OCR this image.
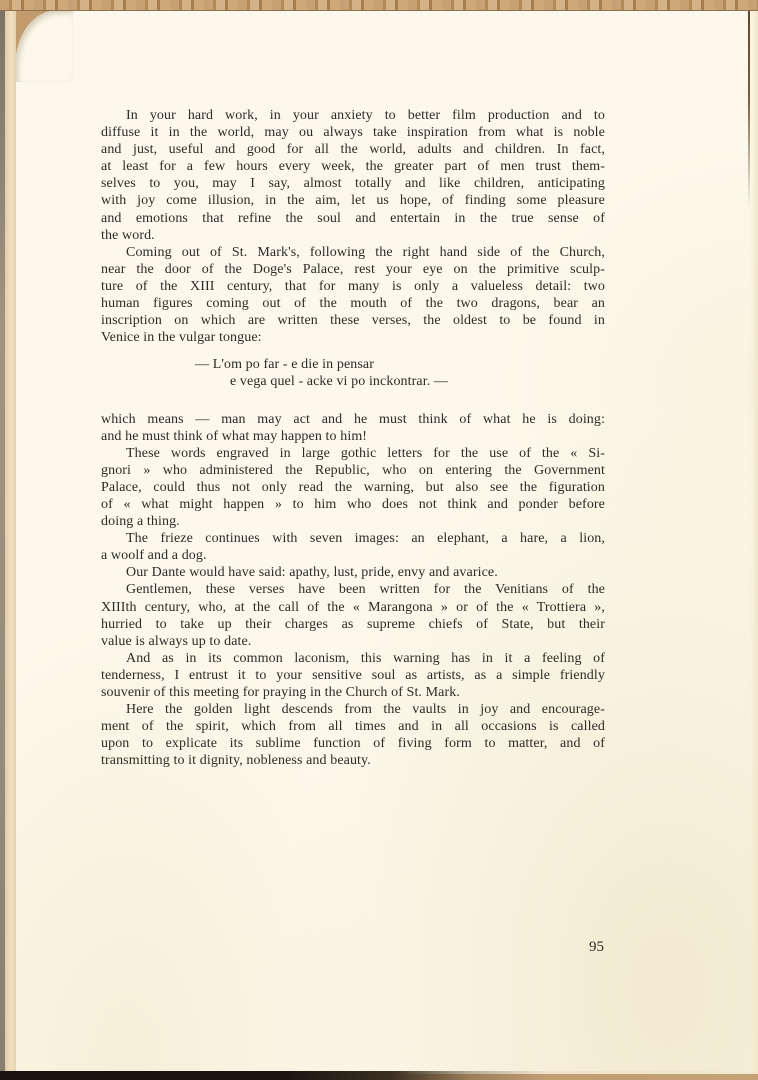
In your hard work, in your anxiety to better film production and to
diffuse it in the world, may ou always take inspiration from what is noble
and just, useful and good for all the world, adults and children. In fact,
at least for a few hours every week, the greater part of men trust them-
selves to you, may I say, almost totally and like children, anticipating
with joy come illusion, in the aim, let us hope, of finding some pleasure
and emotions that refine the soul and entertain in the true sense of
the word.
Coming out of St. Mark's, following the right hand side of the Church,
near the door of the Doge's Palace, rest your eye on the primitive sculp-
ture of the XIII century, that for many is only a valueless detail: two
human figures coming out of the mouth of the two dragons, bear an
inscription on which are written these verses, the oldest to be found in
Venice in the vulgar tongue:
— L'om po far - e die in pensar
e vega quel - acke vi po inckontrar. —
which means — man may act and he must think of what he is doing:
and he must think of what may happen to him!
These words engraved in large gothic letters for the use of the « Si-
gnori » who administered the Republic, who on entering the Government
Palace, could thus not only read the warning, but also see the figuration
of « what might happen » to him who does not think and ponder before
doing a thing.
The frieze continues with seven images: an elephant, a hare, a lion,
a woolf and a dog.
Our Dante would have said: apathy, lust, pride, envy and avarice.
Gentlemen, these verses have been written for the Venitians of the
XIIIth century, who, at the call of the « Marangona » or of the « Trottiera »,
hurried to take up their charges as supreme chiefs of State, but their
value is always up to date.
And as in its common laconism, this warning has in it a feeling of
tenderness, I entrust it to your sensitive soul as artists, as a simple friendly
souvenir of this meeting for praying in the Church of St. Mark.
Here the golden light descends from the vaults in joy and encourage-
ment of the spirit, which from all times and in all occasions is called
upon to explicate its sublime function of fiving form to matter, and of
transmitting to it dignity, nobleness and beauty.
95
